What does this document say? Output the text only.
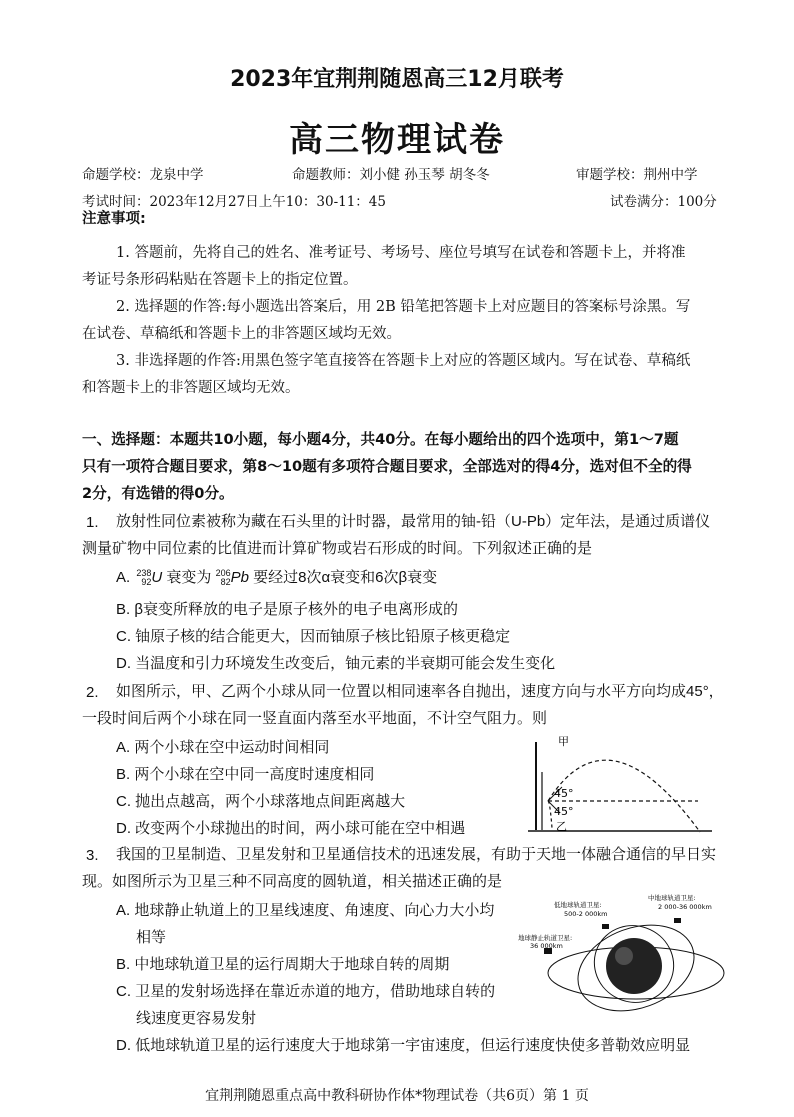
2023年宜荆荆随恩高三12月联考
高三物理试卷
命题学校：龙泉中学	命题教师：刘小健 孙玉琴 胡冬冬	审题学校：荆州中学
考试时间：2023年12月27日上午10：30-11：45	试卷满分：100分
注意事项:
1. 答题前，先将自己的姓名、准考证号、考场号、座位号填写在试卷和答题卡上，并将准
考证号条形码粘贴在答题卡上的指定位置。
2. 选择题的作答:每小题选出答案后，用 2B 铅笔把答题卡上对应题目的答案标号涂黑。写
在试卷、草稿纸和答题卡上的非答题区域均无效。
3. 非选择题的作答:用黑色签字笔直接答在答题卡上对应的答题区域内。写在试卷、草稿纸
和答题卡上的非答题区域均无效。
一、选择题：本题共10小题，每小题4分，共40分。在每小题给出的四个选项中，第1～7题
只有一项符合题目要求，第8～10题有多项符合题目要求，全部选对的得4分，选对但不全的得
2分，有选错的得0分。
1. 放射性同位素被称为藏在石头里的计时器，最常用的铀-铅（U-Pb）定年法，是通过质谱仪
测量矿物中同位素的比值进而计算矿物或岩石形成的时间。下列叙述正确的是
A. 238
92U 衰变为 206
82Pb 要经过8次α衰变和6次β衰变
B. β衰变所释放的电子是原子核外的电子电离形成的
C. 铀原子核的结合能更大，因而铀原子核比铅原子核更稳定
D. 当温度和引力环境发生改变后，铀元素的半衰期可能会发生变化
2. 如图所示，甲、乙两个小球从同一位置以相同速率各自抛出，速度方向与水平方向均成45°，
一段时间后两个小球在同一竖直面内落至水平地面，不计空气阻力。则
A. 两个小球在空中运动时间相同
B. 两个小球在空中同一高度时速度相同
C. 抛出点越高，两个小球落地点间距离越大
D. 改变两个小球抛出的时间，两小球可能在空中相遇
甲
45°
45°
乙
3. 我国的卫星制造、卫星发射和卫星通信技术的迅速发展，有助于天地一体融合通信的早日实
现。如图所示为卫星三种不同高度的圆轨道，相关描述正确的是
A. 地球静止轨道上的卫星线速度、角速度、向心力大小均
相等
B. 中地球轨道卫星的运行周期大于地球自转的周期
C. 卫星的发射场选择在靠近赤道的地方，借助地球自转的
线速度更容易发射
D. 低地球轨道卫星的运行速度大于地球第一宇宙速度，但运行速度快使多普勒效应明显
低地球轨道卫星:
500-2 000km
中地球轨道卫星:
2 000-36 000km
地球静止轨道卫星:
36 000km
宜荆荆随恩重点高中教科研协作体*物理试卷（共6页）第 1 页
